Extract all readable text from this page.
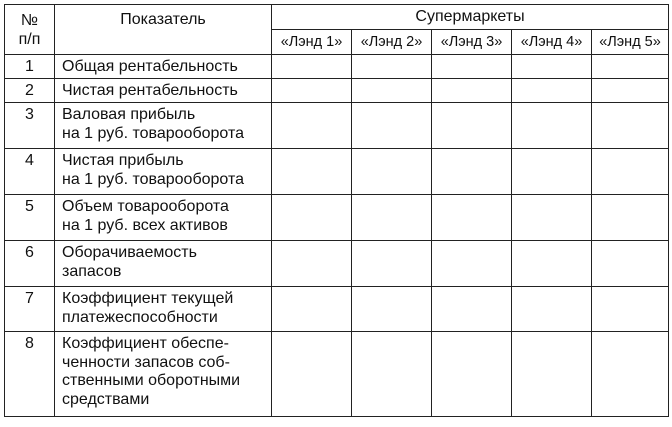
№
п/п	Показатель	Супермаркеты				
		«Лэнд 1»	«Лэнд 2»	«Лэнд 3»	«Лэнд 4»	«Лэнд 5»
1	Общая рентабельность					

2	Чистая рентабельность					

3	Валовая прибыль
на 1 руб. товарооборота					

4	Чистая прибыль
на 1 руб. товарооборота					

5	Объем товарооборота
на 1 руб. всех активов					

6	Оборачиваемость
запасов					

7	Коэффициент текущей
платежеспособности					

8	Коэффициент обеспе-
ченности запасов соб-
ственными оборотными
средствами					
